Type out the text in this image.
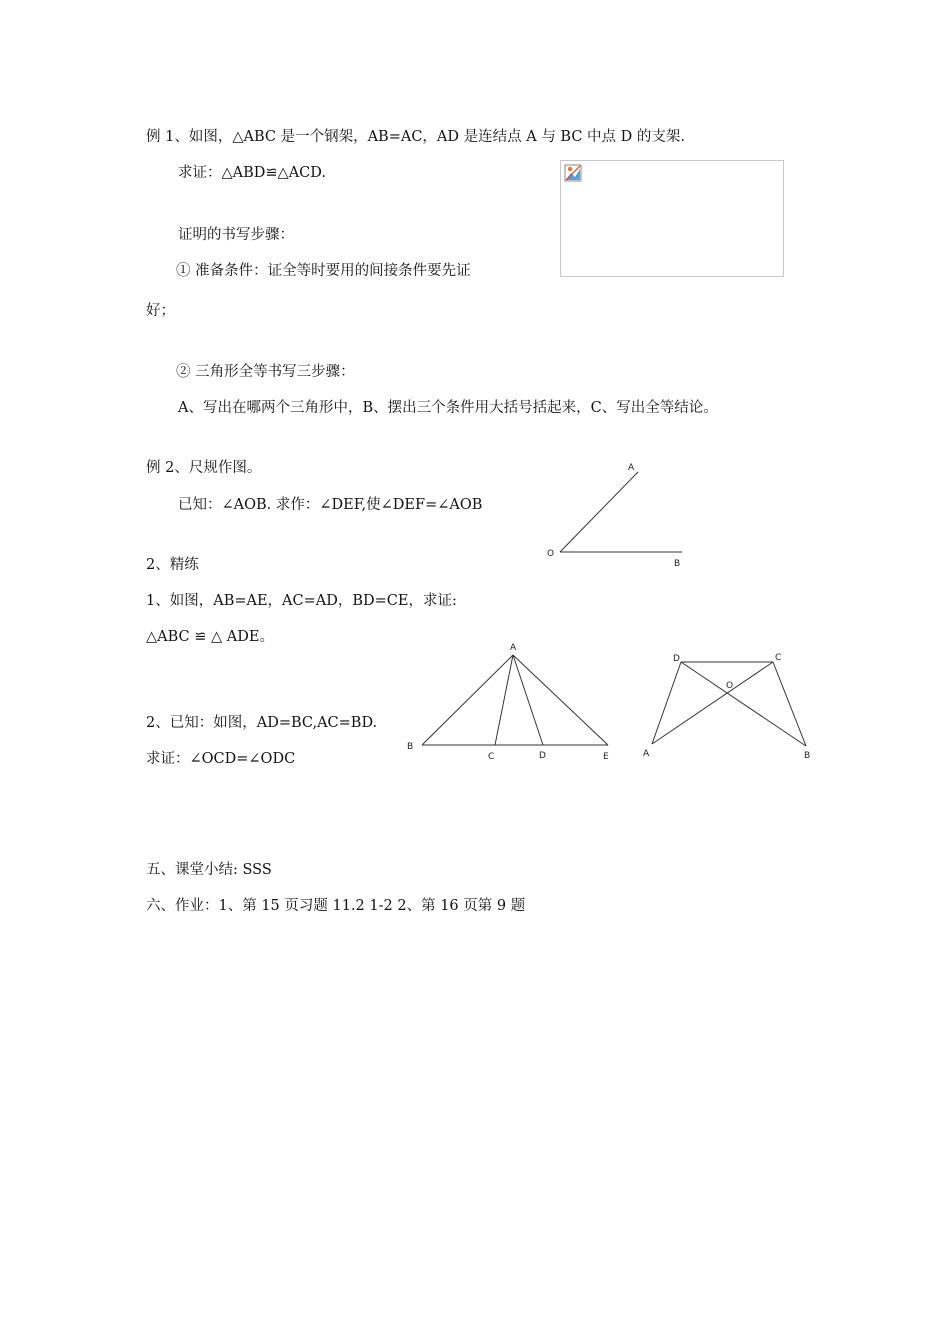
例 1、如图，△ABC 是一个钢架，AB=AC，AD 是连结点 A 与 BC 中点 D 的支架.
求证：△ABD≌△ACD.
证明的书写步骤：
① 准备条件：证全等时要用的间接条件要先证
好；
② 三角形全等书写三步骤：
A、写出在哪两个三角形中，B、摆出三个条件用大括号括起来，C、写出全等结论。
例 2、尺规作图。
已知：∠AOB. 求作：∠DEF,使∠DEF=∠AOB
A
O
B
2、精练
1、如图，AB=AE，AC=AD，BD=CE，求证:
△ABC ≌ △ ADE。
2、已知：如图，AD=BC,AC=BD.
求证：∠OCD=∠ODC
A
B
C	D	E
D	C
O
A	B
五、课堂小结: SSS
六、作业：1、第 15 页习题 11.2 1-2 2、第 16 页第 9 题
